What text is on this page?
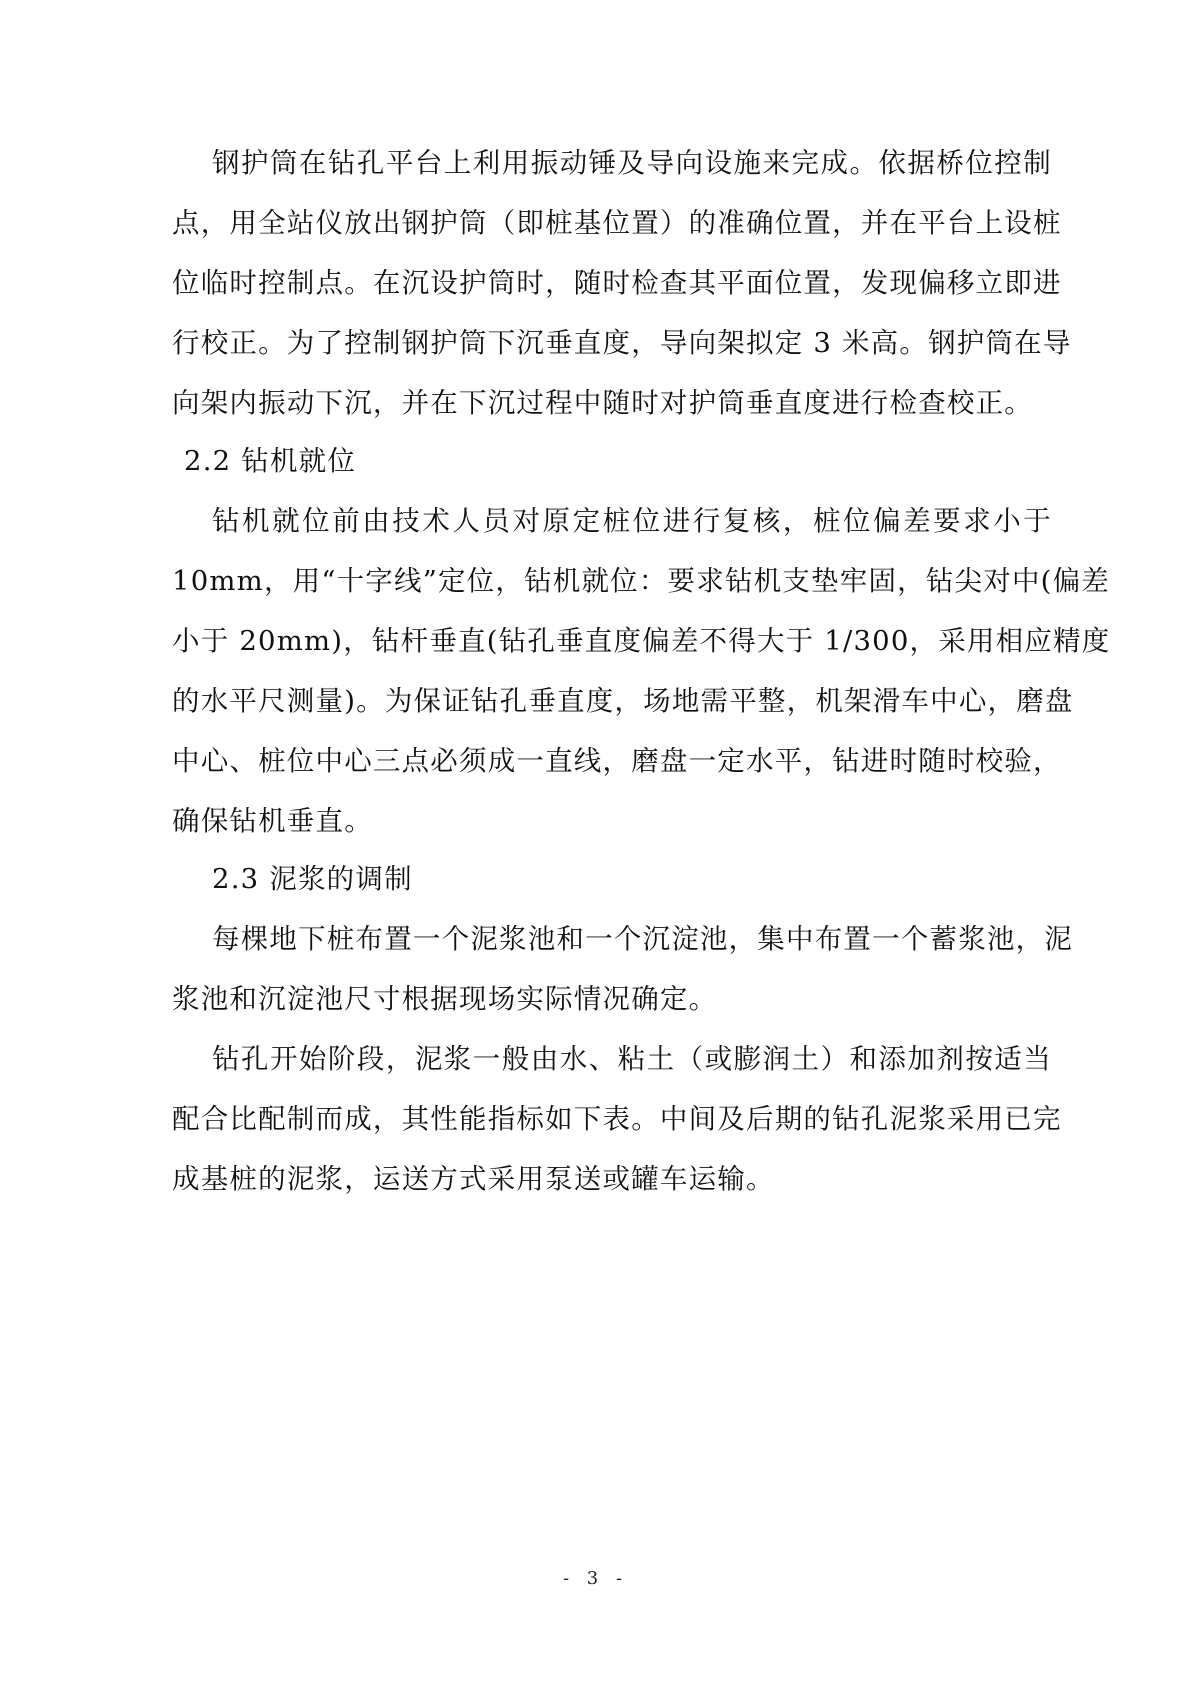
钢护筒在钻孔平台上利用振动锤及导向设施来完成。依据桥位控制
点，用全站仪放出钢护筒（即桩基位置）的准确位置，并在平台上设桩
位临时控制点。在沉设护筒时，随时检查其平面位置，发现偏移立即进
行校正。为了控制钢护筒下沉垂直度，导向架拟定 3 米高。钢护筒在导
向架内振动下沉，并在下沉过程中随时对护筒垂直度进行检查校正。
2.2 钻机就位
钻机就位前由技术人员对原定桩位进行复核，桩位偏差要求小于
10mm，用“十字线”定位，钻机就位：要求钻机支垫牢固，钻尖对中(偏差
小于 20mm)，钻杆垂直(钻孔垂直度偏差不得大于 1/300，采用相应精度
的水平尺测量)。为保证钻孔垂直度，场地需平整，机架滑车中心，磨盘
中心、桩位中心三点必须成一直线，磨盘一定水平，钻进时随时校验，
确保钻机垂直。
2.3 泥浆的调制
每棵地下桩布置一个泥浆池和一个沉淀池，集中布置一个蓄浆池，泥
浆池和沉淀池尺寸根据现场实际情况确定。
钻孔开始阶段，泥浆一般由水、粘土（或膨润土）和添加剂按适当
配合比配制而成，其性能指标如下表。中间及后期的钻孔泥浆采用已完
成基桩的泥浆，运送方式采用泵送或罐车运输。
- 3 -
